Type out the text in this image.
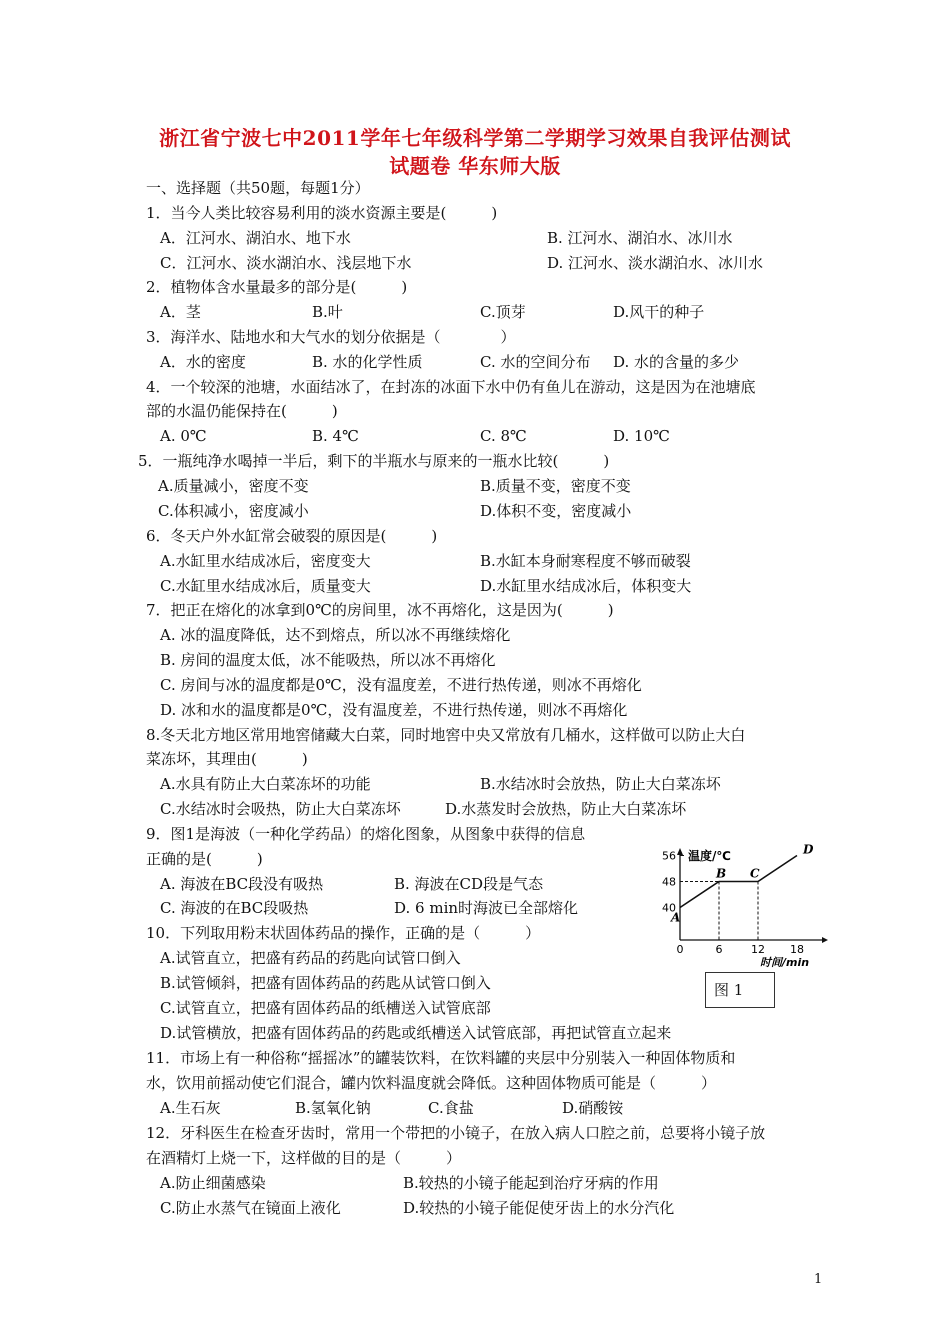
浙江省宁波七中2011学年七年级科学第二学期学习效果自我评估测试
试题卷 华东师大版
一、选择题（共50题，每题1分）
1．当今人类比较容易利用的淡水资源主要是(　　　)
A．江河水、湖泊水、地下水	B. 江河水、湖泊水、冰川水
C．江河水、淡水湖泊水、浅层地下水	D. 江河水、淡水湖泊水、冰川水
2．植物体含水量最多的部分是(　　　)
A．茎	B.叶	C.顶芽	D.风干的种子
3．海洋水、陆地水和大气水的划分依据是（　　　　）
A．水的密度	B. 水的化学性质	C. 水的空间分布 D. 水的含量的多少
4．一个较深的池塘，水面结冰了，在封冻的冰面下水中仍有鱼儿在游动，这是因为在池塘底
部的水温仍能保持在(　　　)
A. 0℃	B. 4℃	C. 8℃	D. 10℃
5．一瓶纯净水喝掉一半后，剩下的半瓶水与原来的一瓶水比较(　　　)
A.质量减小，密度不变	B.质量不变，密度不变
C.体积减小，密度减小	D.体积不变，密度减小
6．冬天户外水缸常会破裂的原因是(　　　)
A.水缸里水结成冰后，密度变大	B.水缸本身耐寒程度不够而破裂
C.水缸里水结成冰后，质量变大	D.水缸里水结成冰后，体积变大
7．把正在熔化的冰拿到0℃的房间里，冰不再熔化，这是因为(　　　)
A. 冰的温度降低，达不到熔点，所以冰不再继续熔化
B. 房间的温度太低，冰不能吸热，所以冰不再熔化
C. 房间与冰的温度都是0℃，没有温度差，不进行热传递，则冰不再熔化
D. 冰和水的温度都是0℃，没有温度差，不进行热传递，则冰不再熔化
8.冬天北方地区常用地窖储藏大白菜，同时地窖中央又常放有几桶水，这样做可以防止大白
菜冻坏，其理由(　　　)
A.水具有防止大白菜冻坏的功能	B.水结冰时会放热，防止大白菜冻坏
C.水结冰时会吸热，防止大白菜冻坏	D.水蒸发时会放热，防止大白菜冻坏
9．图1是海波（一种化学药品）的熔化图象，从图象中获得的信息
正确的是(　　　)
A. 海波在BC段没有吸热	B. 海波在CD段是气态
C. 海波的在BC段吸热	D. 6 min时海波已全部熔化
10．下列取用粉末状固体药品的操作，正确的是（　　　）
A.试管直立，把盛有药品的药匙向试管口倒入
B.试管倾斜，把盛有固体药品的药匙从试管口倒入
C.试管直立，把盛有固体药品的纸槽送入试管底部
D.试管横放，把盛有固体药品的药匙或纸槽送入试管底部，再把试管直立起来
11．市场上有一种俗称“摇摇冰”的罐装饮料，在饮料罐的夹层中分别装入一种固体物质和
水，饮用前摇动使它们混合，罐内饮料温度就会降低。这种固体物质可能是（　　　）
A.生石灰	B.氢氧化钠	C.食盐	D.硝酸铵
12．牙科医生在检查牙齿时，常用一个带把的小镜子，在放入病人口腔之前，总要将小镜子放
在酒精灯上烧一下，这样做的目的是（　　　）
A.防止细菌感染	B.较热的小镜子能起到治疗牙病的作用
C.防止水蒸气在镜面上液化	D.较热的小镜子能促使牙齿上的水分汽化
温度/℃
时间/min
56
48
40
0	6	12 18
A
B C
D
图 1
1
